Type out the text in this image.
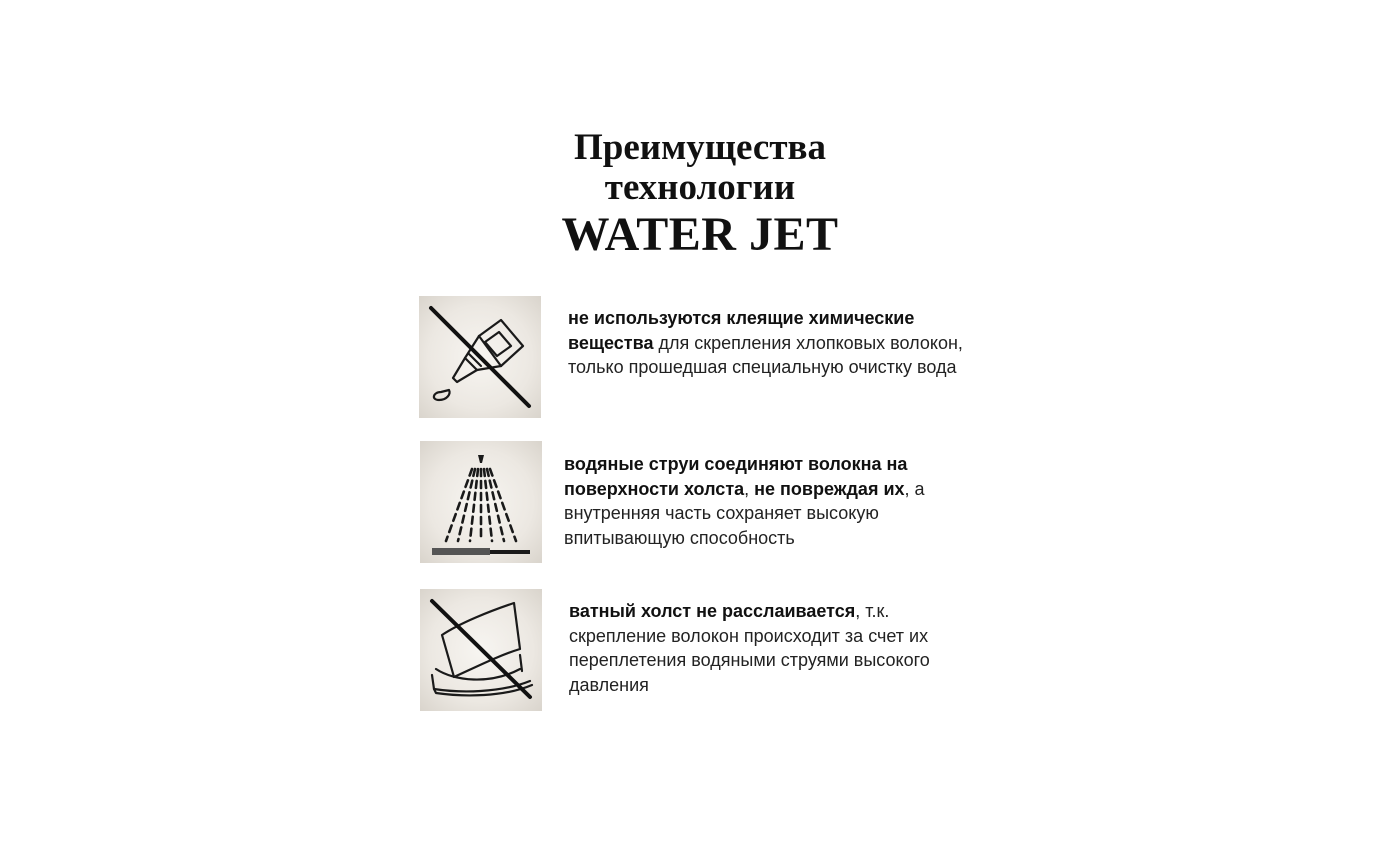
Преимущества
технологии
WATER JET
не используются клеящие химические вещества для скрепления хлопковых волокон, только прошедшая специальную очистку вода
водяные струи соединяют волокна на поверхности холста, не повреждая их, а внутренняя часть сохраняет высокую впитывающую способность
ватный холст не расслаивается, т.к. скрепление волокон происходит за счет их переплетения водяными струями высокого давления
